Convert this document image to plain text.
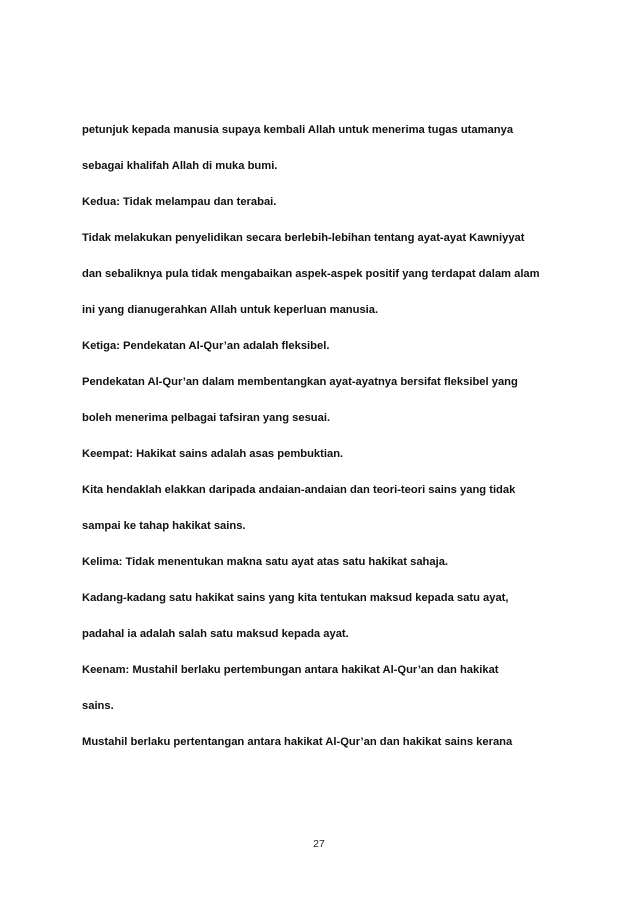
petunjuk kepada manusia supaya kembali Allah untuk menerima tugas utamanya

sebagai khalifah Allah di muka bumi.

Kedua: Tidak melampau dan terabai.

Tidak melakukan penyelidikan secara berlebih-lebihan tentang ayat-ayat Kawniyyat

dan sebaliknya pula tidak mengabaikan aspek-aspek positif yang terdapat dalam alam

ini yang dianugerahkan Allah untuk keperluan manusia.

Ketiga: Pendekatan Al-Qur’an adalah fleksibel.

Pendekatan Al-Qur’an dalam membentangkan ayat-ayatnya bersifat fleksibel yang

boleh menerima pelbagai tafsiran yang sesuai.

Keempat: Hakikat sains adalah asas pembuktian.

Kita hendaklah elakkan daripada andaian-andaian dan teori-teori sains yang tidak

sampai ke tahap hakikat sains.

Kelima: Tidak menentukan makna satu ayat atas satu hakikat sahaja.

Kadang-kadang satu hakikat sains yang kita tentukan maksud kepada satu ayat,

padahal ia adalah salah satu maksud kepada ayat.

Keenam: Mustahil berlaku pertembungan antara hakikat Al-Qur’an dan hakikat

sains.

Mustahil berlaku pertentangan antara hakikat Al-Qur’an dan hakikat sains kerana

27
